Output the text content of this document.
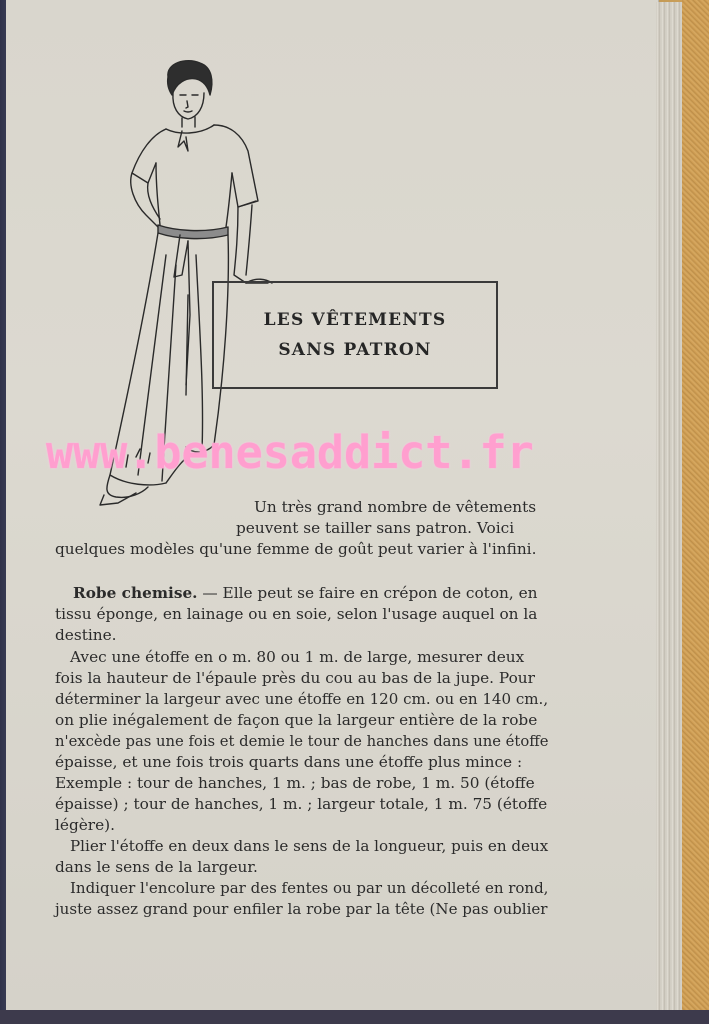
LES VÊTEMENTS
SANS PATRON
www.benesaddict.fr
Un très grand nombre de vêtements
peuvent se tailler sans patron. Voici
quelques modèles qu'une femme de goût peut varier à l'infini.
Robe chemise. — Elle peut se faire en crépon de coton, en
tissu éponge, en lainage ou en soie, selon l'usage auquel on la
destine.
Avec une étoffe en o m. 80 ou 1 m. de large, mesurer deux
fois la hauteur de l'épaule près du cou au bas de la jupe. Pour
déterminer la largeur avec une étoffe en 120 cm. ou en 140 cm.,
on plie inégalement de façon que la largeur entière de la robe
n'excède pas une fois et demie le tour de hanches dans une étoffe
épaisse, et une fois trois quarts dans une étoffe plus mince :
Exemple : tour de hanches, 1 m. ; bas de robe, 1 m. 50 (étoffe
épaisse) ; tour de hanches, 1 m. ; largeur totale, 1 m. 75 (étoffe
légère).
Plier l'étoffe en deux dans le sens de la longueur, puis en deux
dans le sens de la largeur.
Indiquer l'encolure par des fentes ou par un décolleté en rond,
juste assez grand pour enfiler la robe par la tête (Ne pas oublier
